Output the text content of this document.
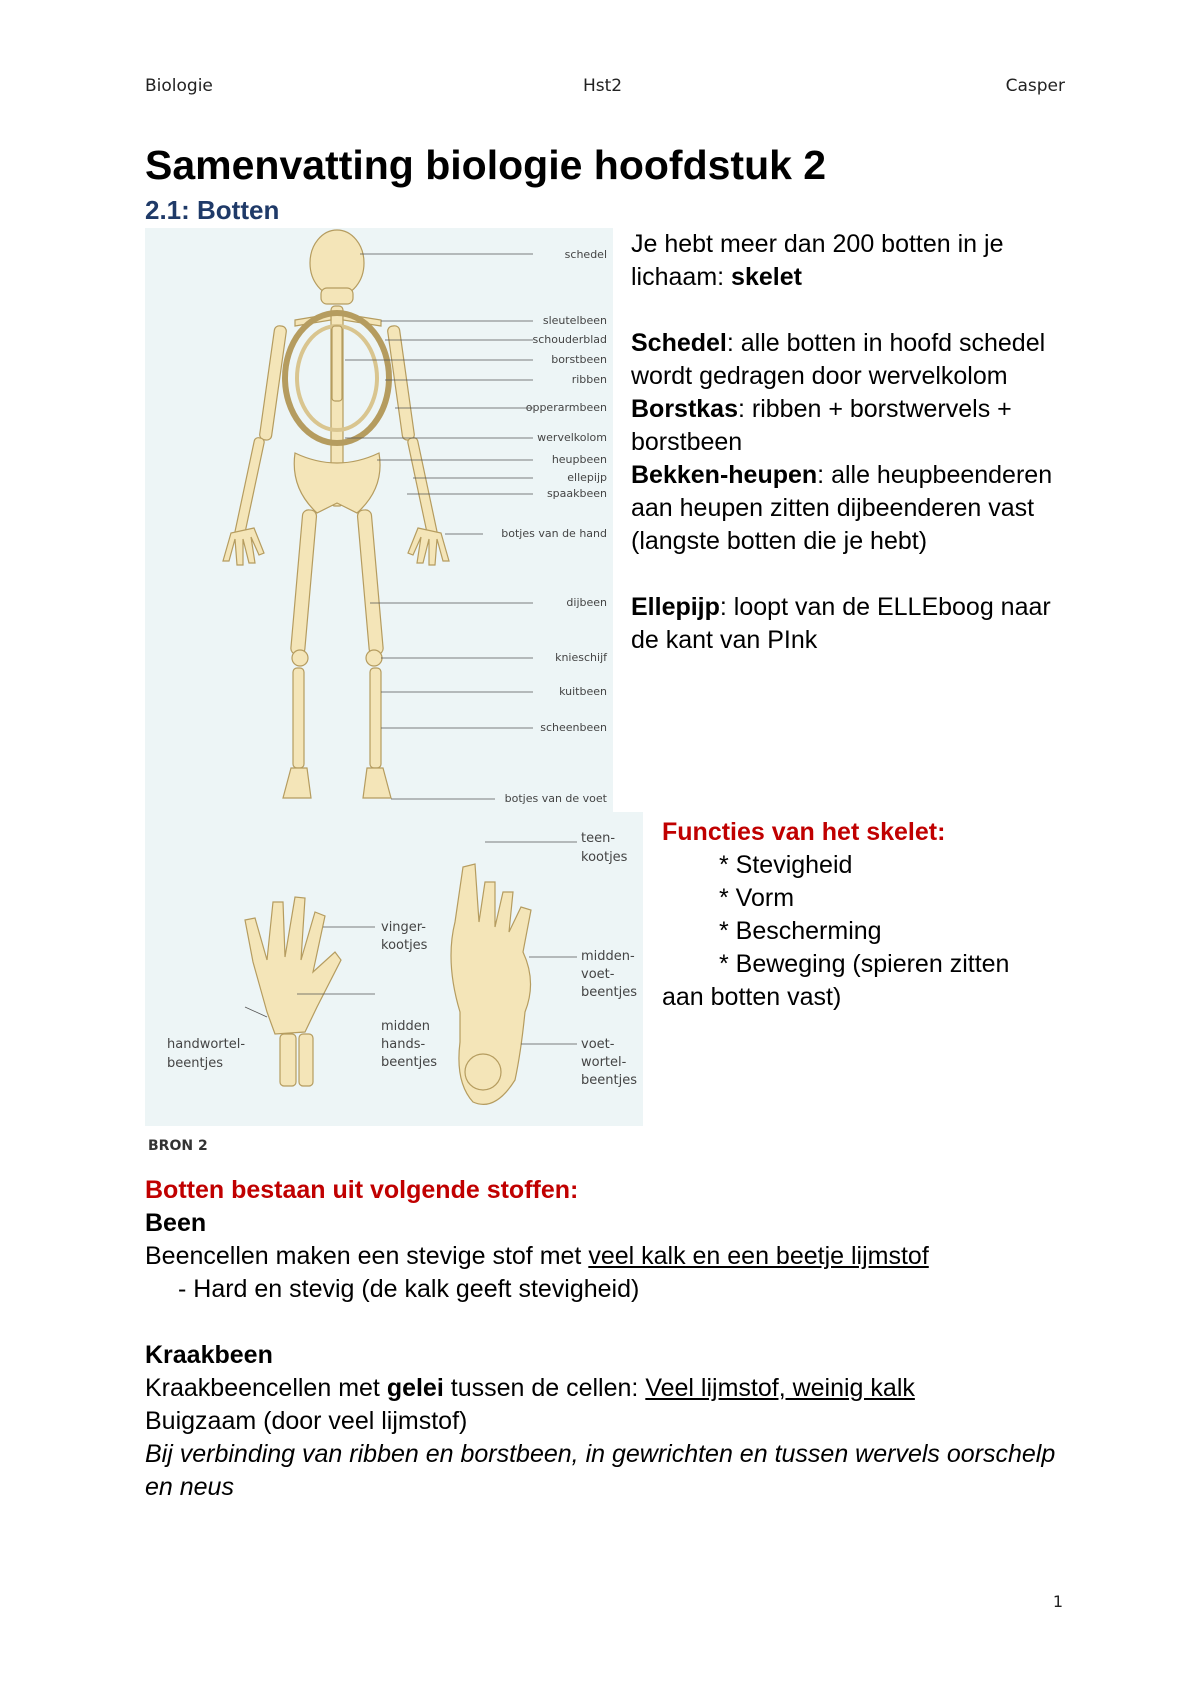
Biologie	Hst2	Casper
Samenvatting biologie hoofdstuk 2
2.1: Botten
schedel
sleutelbeen
schouderblad
borstbeen
ribben
opperarmbeen
wervelkolom
heupbeen
ellepijp
spaakbeen
botjes van de hand
dijbeen
knieschijf
kuitbeen
scheenbeen
botjes van de voet
vinger-
kootjes
midden
hands-
beentjes
handwortel-
beentjes
teen-
kootjes
midden-
voet-
beentjes
voet-
wortel-
beentjes
BRON 2

Je hebt meer dan 200 botten in je lichaam: skelet

Schedel: alle botten in hoofd schedel wordt gedragen door wervelkolom

Borstkas: ribben + borstwervels + borstbeen

Bekken-heupen: alle heupbeenderen aan heupen zitten dijbeenderen vast (langste botten die je hebt)

Ellepijp: loopt van de ELLEboog naar de kant van PInk

Functies van het skelet:

* Stevigheid

* Vorm

* Bescherming

* Beweging (spieren zitten

aan botten vast)

Botten bestaan uit volgende stoffen:

Been

Beencellen maken een stevige stof met veel kalk en een beetje lijmstof

- Hard en stevig (de kalk geeft stevigheid)

Kraakbeen

Kraakbeencellen met gelei tussen de cellen: Veel lijmstof, weinig kalk

Buigzaam (door veel lijmstof)

Bij verbinding van ribben en borstbeen, in gewrichten en tussen wervels oorschelp en neus

1
